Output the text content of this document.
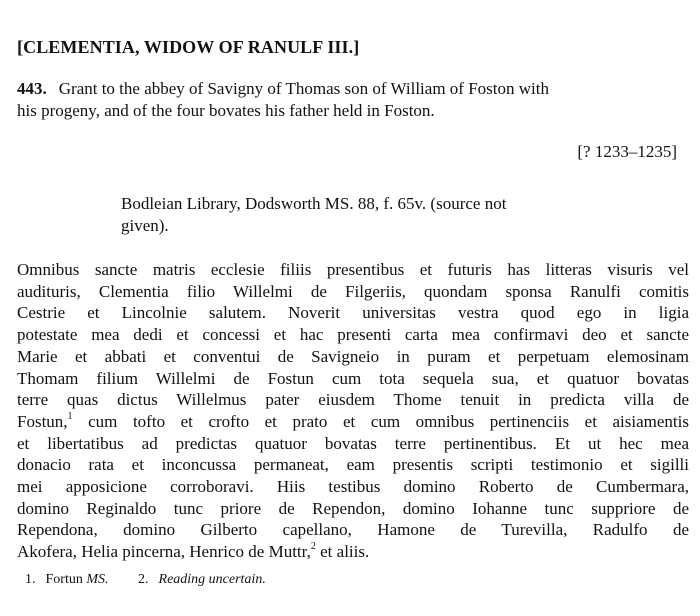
[CLEMENTIA, WIDOW OF RANULF III.]
443. Grant to the abbey of Savigny of Thomas son of William of Foston with
his progeny, and of the four bovates his father held in Foston.
[? 1233–1235]
Bodleian Library, Dodsworth MS. 88, f. 65v. (source not
given).
Omnibus sancte matris ecclesie filiis presentibus et futuris has litteras visuris vel
audituris, Clementia filio Willelmi de Filgeriis, quondam sponsa Ranulfi comitis
Cestrie et Lincolnie salutem. Noverit universitas vestra quod ego in ligia
potestate mea dedi et concessi et hac presenti carta mea confirmavi deo et sancte
Marie et abbati et conventui de Savigneio in puram et perpetuam elemosinam
Thomam filium Willelmi de Fostun cum tota sequela sua, et quatuor bovatas
terre quas dictus Willelmus pater eiusdem Thome tenuit in predicta villa de
Fostun,$^1$ cum tofto et crofto et prato et cum omnibus pertinenciis et aisiamentis
et libertatibus ad predictas quatuor bovatas terre pertinentibus. Et ut hec mea
donacio rata et inconcussa permaneat, eam presentis scripti testimonio et sigilli
mei apposicione corroboravi. Hiis testibus domino Roberto de Cumbermara,
domino Reginaldo tunc priore de Rependon, domino Iohanne tunc suppriore de
Rependona, domino Gilberto capellano, Hamone de Turevilla, Radulfo de
Akofera, Helia pincerna, Henrico de Muttr,$^2$ et aliis.
1. Fortun MS. 2. Reading uncertain.
